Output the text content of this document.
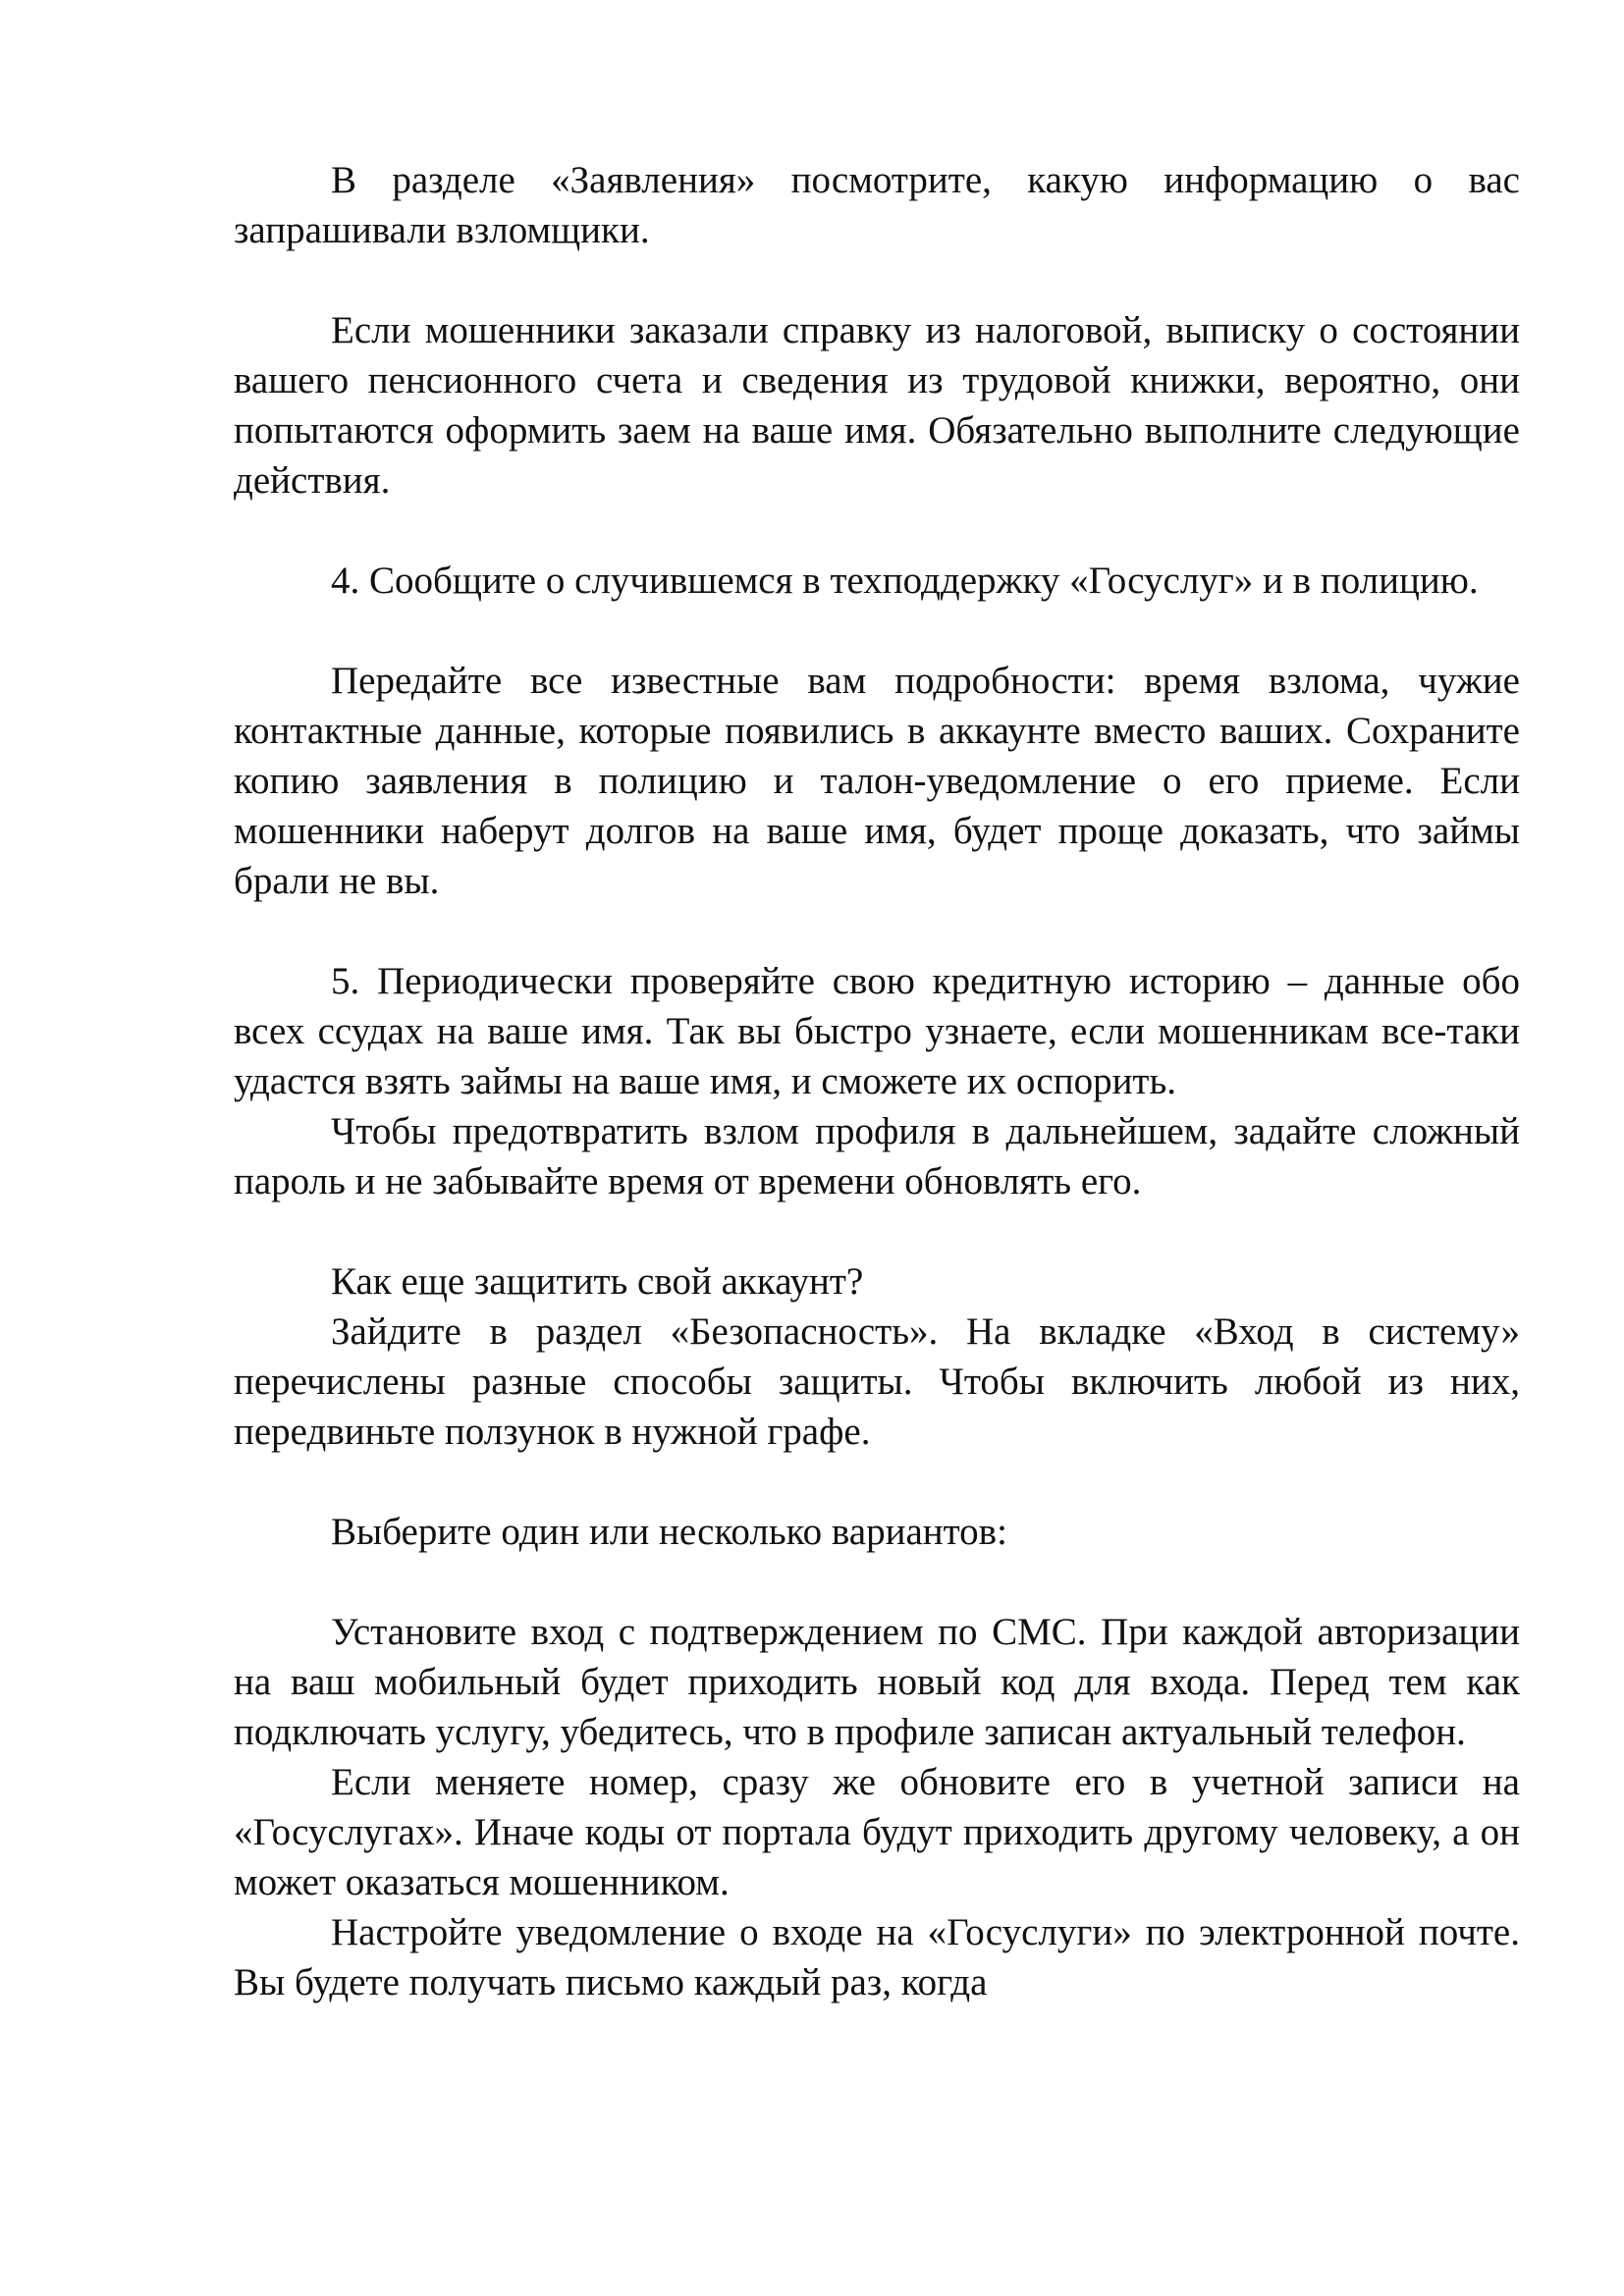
В разделе «Заявления» посмотрите, какую информацию о вас запрашивали взломщики.

Если мошенники заказали справку из налоговой, выписку о состоянии вашего пенсионного счета и сведения из трудовой книжки, вероятно, они попытаются оформить заем на ваше имя. Обязательно выполните следующие действия.

4. Сообщите о случившемся в техподдержку «Госуслуг» и в полицию.

Передайте все известные вам подробности: время взлома, чужие контактные данные, которые появились в аккаунте вместо ваших. Сохраните копию заявления в полицию и талон-уведомление о его приеме. Если мошенники наберут долгов на ваше имя, будет проще доказать, что займы брали не вы.

5. Периодически проверяйте свою кредитную историю – данные обо всех ссудах на ваше имя. Так вы быстро узнаете, если мошенникам все-таки удастся взять займы на ваше имя, и сможете их оспорить.

Чтобы предотвратить взлом профиля в дальнейшем, задайте сложный пароль и не забывайте время от времени обновлять его.

Как еще защитить свой аккаунт?

Зайдите в раздел «Безопасность». На вкладке «Вход в систему» перечислены разные способы защиты. Чтобы включить любой из них, передвиньте ползунок в нужной графе.

Выберите один или несколько вариантов:

Установите вход с подтверждением по СМС. При каждой авторизации на ваш мобильный будет приходить новый код для входа. Перед тем как подключать услугу, убедитесь, что в профиле записан актуальный телефон.

Если меняете номер, сразу же обновите его в учетной записи на «Госуслугах». Иначе коды от портала будут приходить другому человеку, а он может оказаться мошенником.

Настройте уведомление о входе на «Госуслуги» по электронной почте. Вы будете получать письмо каждый раз, когда
